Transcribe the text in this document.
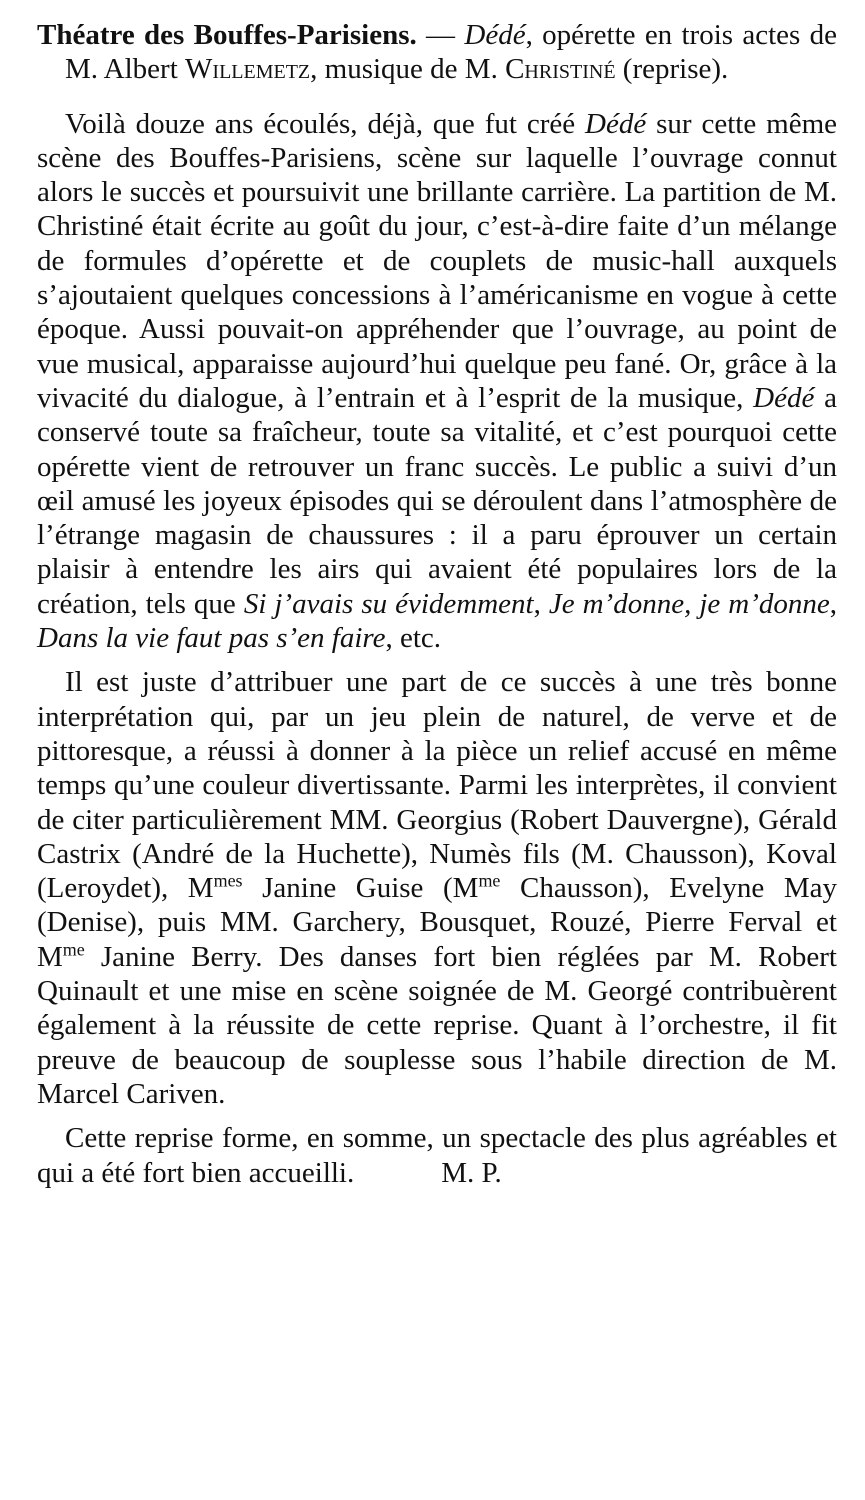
Théatre des Bouffes-Parisiens. — Dédé, opérette en trois actes de M. Albert Willemetz, musique de M. Christiné (reprise).

Voilà douze ans écoulés, déjà, que fut créé Dédé sur cette même scène des Bouffes-Parisiens, scène sur laquelle l’ouvrage connut alors le succès et poursuivit une brillante carrière. La partition de M. Christiné était écrite au goût du jour, c’est-à-dire faite d’un mélange de formules d’opérette et de couplets de music-hall auxquels s’ajoutaient quelques concessions à l’américanisme en vogue à cette époque. Aussi pouvait-on appréhender que l’ouvrage, au point de vue musical, apparaisse aujourd’hui quelque peu fané. Or, grâce à la vivacité du dialogue, à l’entrain et à l’esprit de la musique, Dédé a conservé toute sa fraîcheur, toute sa vitalité, et c’est pourquoi cette opérette vient de retrouver un franc succès. Le public a suivi d’un œil amusé les joyeux épisodes qui se déroulent dans l’atmosphère de l’étrange magasin de chaussures : il a paru éprouver un certain plaisir à entendre les airs qui avaient été populaires lors de la création, tels que Si j’avais su évidemment, Je m’donne, je m’donne, Dans la vie faut pas s’en faire, etc.

Il est juste d’attribuer une part de ce succès à une très bonne interprétation qui, par un jeu plein de naturel, de verve et de pittoresque, a réussi à donner à la pièce un relief accusé en même temps qu’une couleur divertissante. Parmi les interprètes, il convient de citer particulièrement MM. Georgius (Robert Dauvergne), Gérald Castrix (André de la Huchette), Numès fils (M. Chausson), Koval (Leroydet), $M^{mes}$ Janine Guise ($M^{me}$ Chausson), Evelyne May (Denise), puis MM. Garchery, Bousquet, Rouzé, Pierre Ferval et $M^{me}$ Janine Berry. Des danses fort bien réglées par M. Robert Quinault et une mise en scène soignée de M. Georgé contribuèrent également à la réussite de cette reprise. Quant à l’orchestre, il fit preuve de beaucoup de souplesse sous l’habile direction de M. Marcel Cariven.

Cette reprise forme, en somme, un spectacle des plus agréables et qui a été fort bien accueilli.	M. P.
